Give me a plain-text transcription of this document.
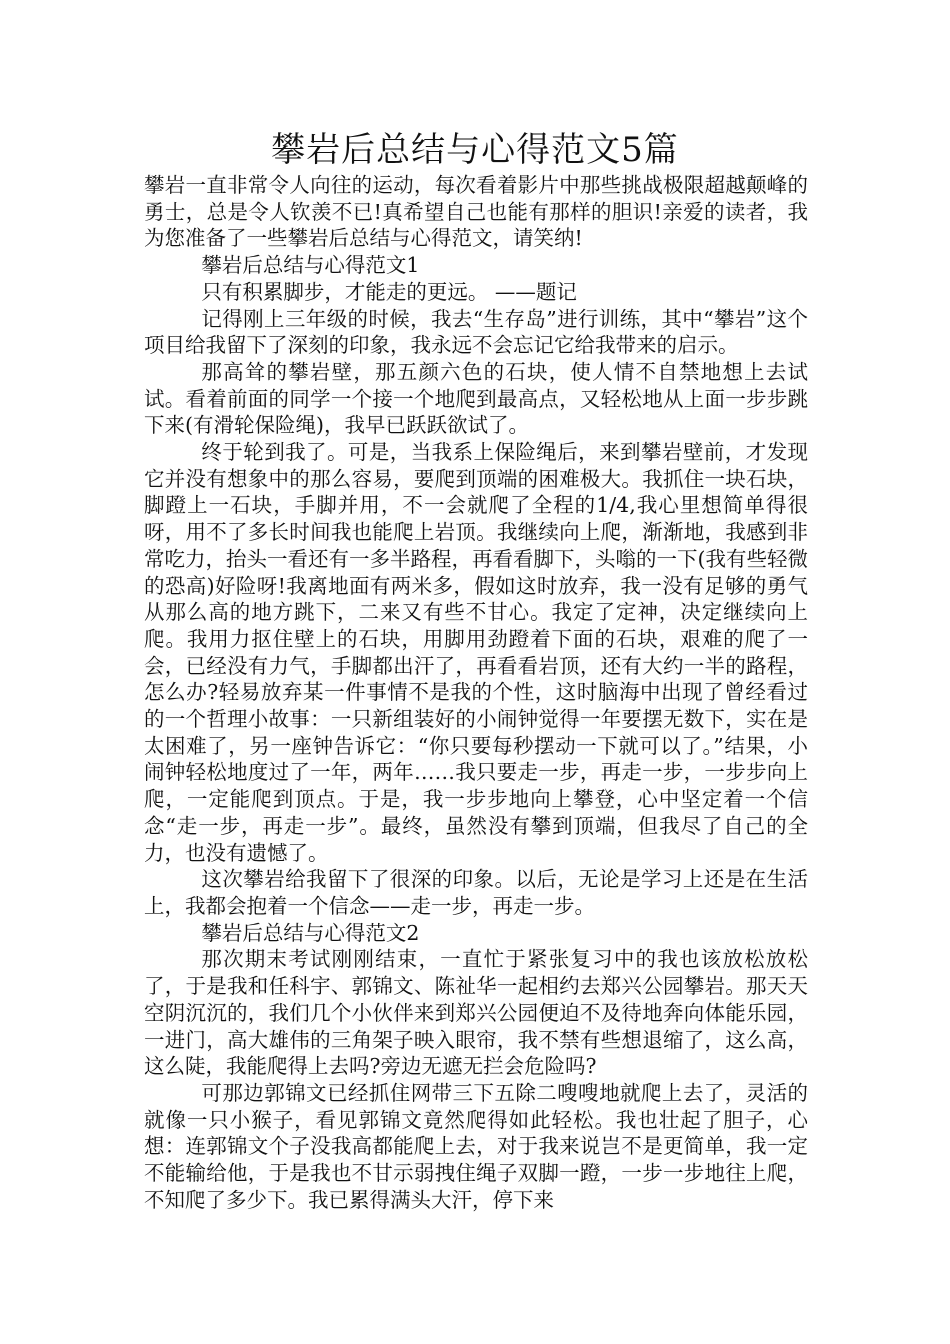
攀岩后总结与心得范文5篇

攀岩一直非常令人向往的运动，每次看着影片中那些挑战极限超越颠峰的勇士，总是令人钦羡不已!真希望自己也能有那样的胆识!亲爱的读者，我为您准备了一些攀岩后总结与心得范文，请笑纳!

攀岩后总结与心得范文1

只有积累脚步，才能走的更远。 ——题记

记得刚上三年级的时候，我去“生存岛”进行训练，其中“攀岩”这个项目给我留下了深刻的印象，我永远不会忘记它给我带来的启示。

那高耸的攀岩壁，那五颜六色的石块，使人情不自禁地想上去试试。看着前面的同学一个接一个地爬到最高点，又轻松地从上面一步步跳下来(有滑轮保险绳)，我早已跃跃欲试了。

终于轮到我了。可是，当我系上保险绳后，来到攀岩壁前，才发现它并没有想象中的那么容易，要爬到顶端的困难极大。我抓住一块石块，脚蹬上一石块，手脚并用，不一会就爬了全程的1/4,我心里想简单得很呀，用不了多长时间我也能爬上岩顶。我继续向上爬，渐渐地，我感到非常吃力，抬头一看还有一多半路程，再看看脚下，头嗡的一下(我有些轻微的恐高)好险呀!我离地面有两米多，假如这时放弃，我一没有足够的勇气从那么高的地方跳下，二来又有些不甘心。我定了定神，决定继续向上爬。我用力抠住壁上的石块，用脚用劲蹬着下面的石块，艰难的爬了一会，已经没有力气，手脚都出汗了，再看看岩顶，还有大约一半的路程，怎么办?轻易放弃某一件事情不是我的个性，这时脑海中出现了曾经看过的一个哲理小故事：一只新组装好的小闹钟觉得一年要摆无数下，实在是太困难了，另一座钟告诉它：“你只要每秒摆动一下就可以了。”结果，小闹钟轻松地度过了一年，两年……我只要走一步，再走一步，一步步向上爬，一定能爬到顶点。于是，我一步步地向上攀登，心中坚定着一个信念“走一步，再走一步”。最终，虽然没有攀到顶端，但我尽了自己的全力，也没有遗憾了。

这次攀岩给我留下了很深的印象。以后，无论是学习上还是在生活上，我都会抱着一个信念——走一步，再走一步。

攀岩后总结与心得范文2

那次期末考试刚刚结束，一直忙于紧张复习中的我也该放松放松了，于是我和任科宇、郭锦文、陈祉华一起相约去郑兴公园攀岩。那天天空阴沉沉的，我们几个小伙伴来到郑兴公园便迫不及待地奔向体能乐园，一进门，高大雄伟的三角架子映入眼帘，我不禁有些想退缩了，这么高，这么陡，我能爬得上去吗?旁边无遮无拦会危险吗?

可那边郭锦文已经抓住网带三下五除二嗖嗖地就爬上去了，灵活的就像一只小猴子，看见郭锦文竟然爬得如此轻松。我也壮起了胆子，心想：连郭锦文个子没我高都能爬上去，对于我来说岂不是更简单，我一定不能输给他，于是我也不甘示弱拽住绳子双脚一蹬，一步一步地往上爬，不知爬了多少下。我已累得满头大汗，停下来
